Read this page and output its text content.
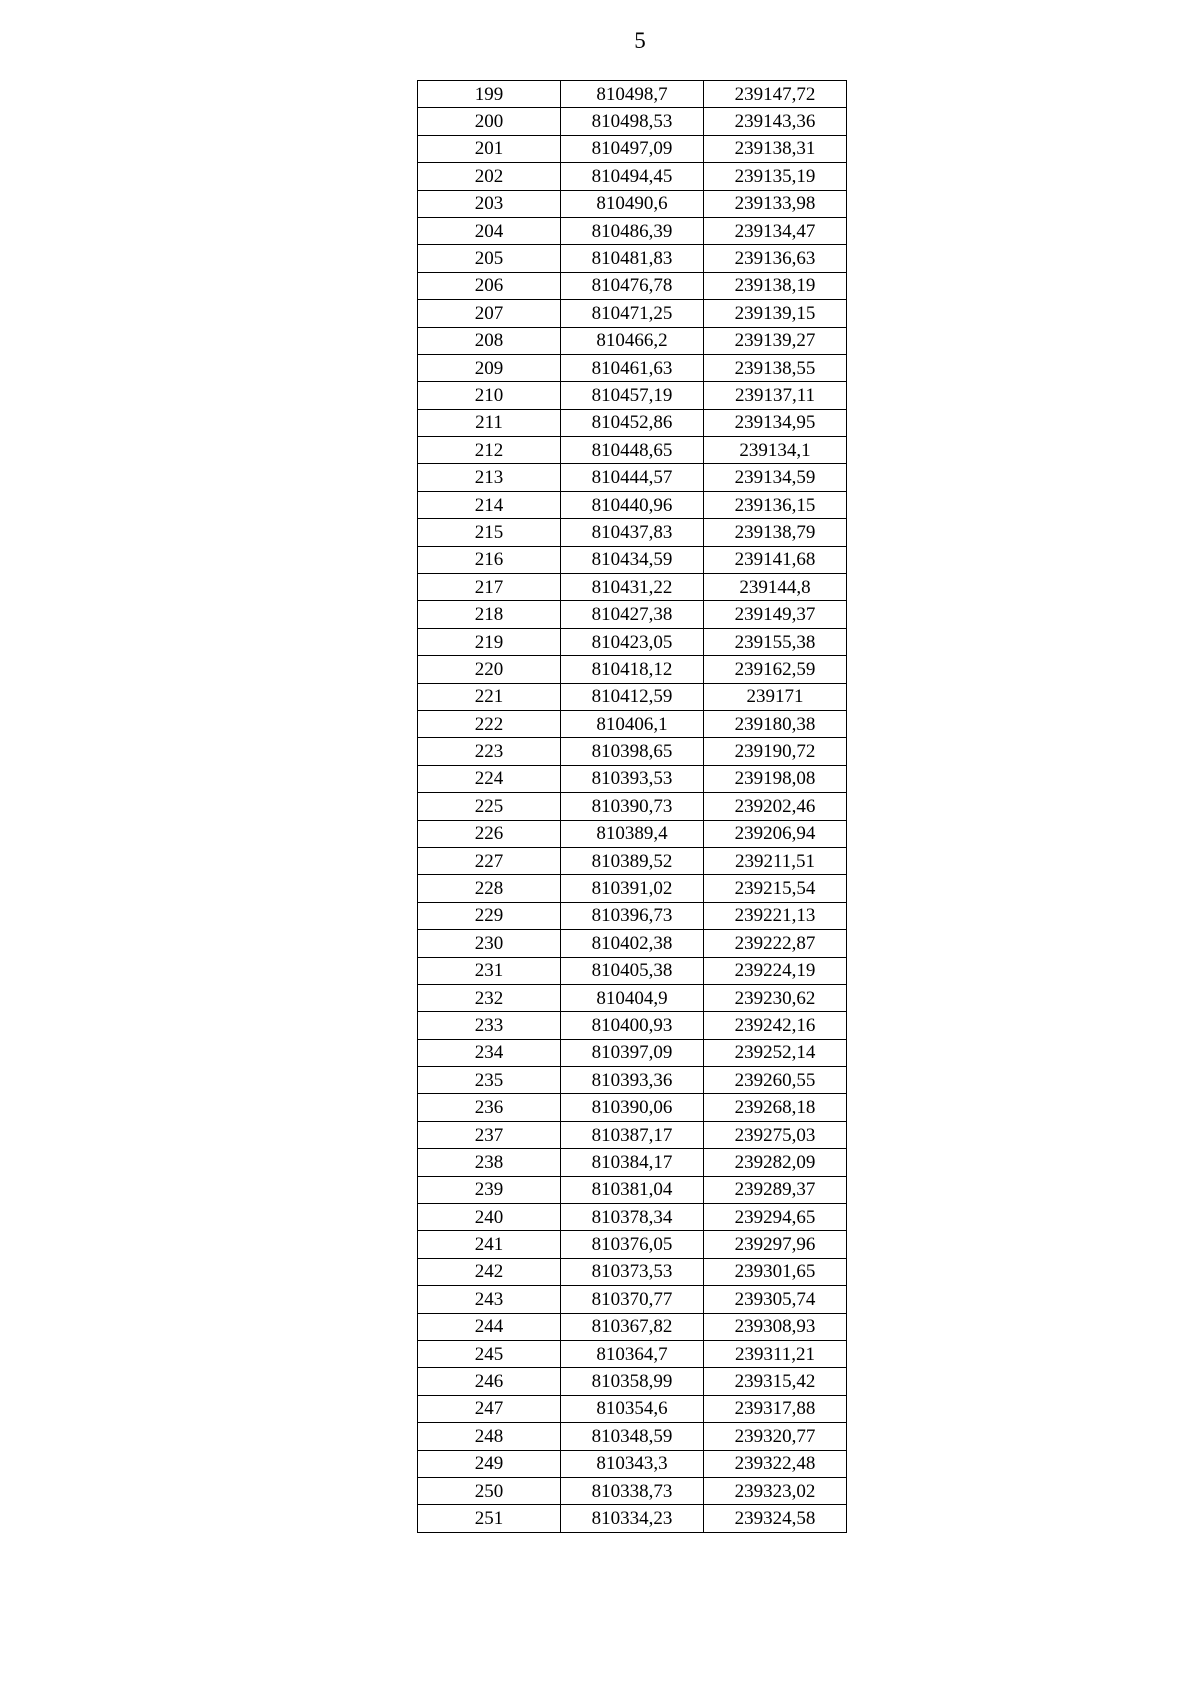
5
199	810498,7	239147,72
200	810498,53	239143,36
201	810497,09	239138,31
202	810494,45	239135,19
203	810490,6	239133,98
204	810486,39	239134,47
205	810481,83	239136,63
206	810476,78	239138,19
207	810471,25	239139,15
208	810466,2	239139,27
209	810461,63	239138,55
210	810457,19	239137,11
211	810452,86	239134,95
212	810448,65	239134,1
213	810444,57	239134,59
214	810440,96	239136,15
215	810437,83	239138,79
216	810434,59	239141,68
217	810431,22	239144,8
218	810427,38	239149,37
219	810423,05	239155,38
220	810418,12	239162,59
221	810412,59	239171
222	810406,1	239180,38
223	810398,65	239190,72
224	810393,53	239198,08
225	810390,73	239202,46
226	810389,4	239206,94
227	810389,52	239211,51
228	810391,02	239215,54
229	810396,73	239221,13
230	810402,38	239222,87
231	810405,38	239224,19
232	810404,9	239230,62
233	810400,93	239242,16
234	810397,09	239252,14
235	810393,36	239260,55
236	810390,06	239268,18
237	810387,17	239275,03
238	810384,17	239282,09
239	810381,04	239289,37
240	810378,34	239294,65
241	810376,05	239297,96
242	810373,53	239301,65
243	810370,77	239305,74
244	810367,82	239308,93
245	810364,7	239311,21
246	810358,99	239315,42
247	810354,6	239317,88
248	810348,59	239320,77
249	810343,3	239322,48
250	810338,73	239323,02
251	810334,23	239324,58
